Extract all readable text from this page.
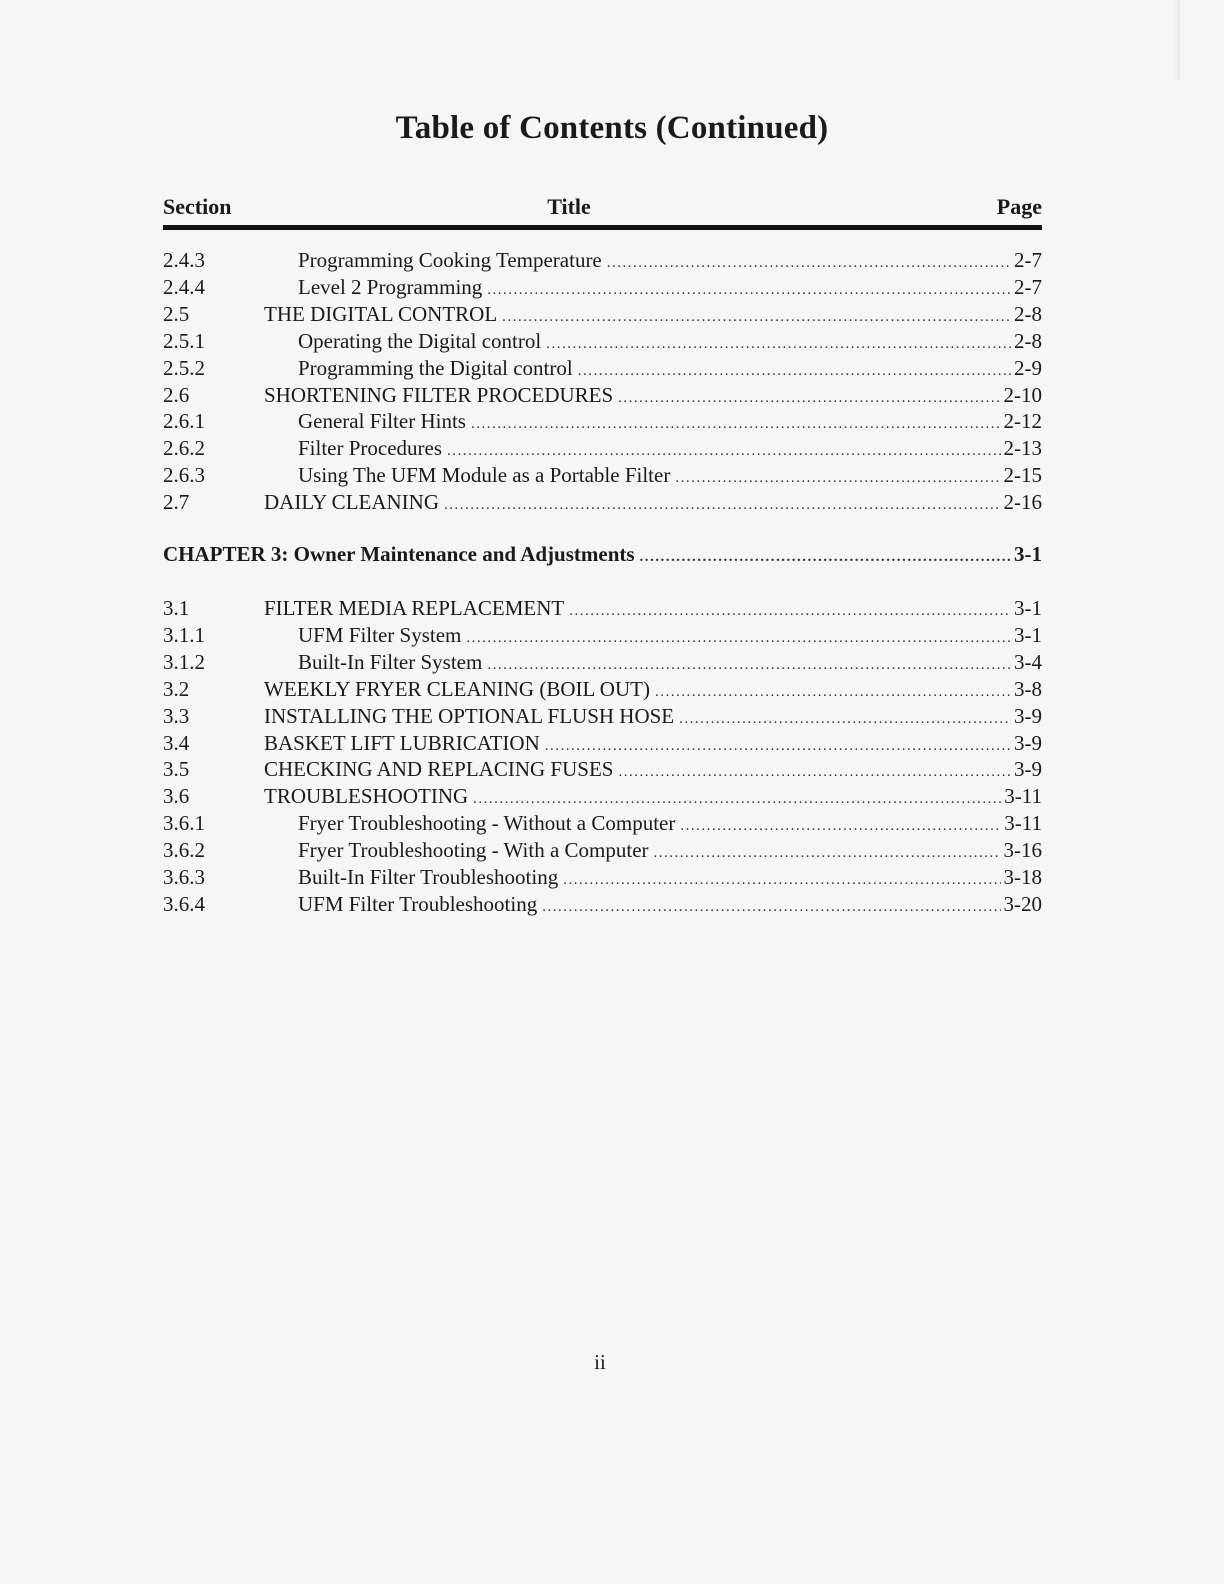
Table of Contents (Continued)
Section	Title	Page
2.4.3	Programming Cooking Temperature .....	2-7
2.4.4	Level 2 Programming .....	2-7
2.5	THE DIGITAL CONTROL .....	2-8
2.5.1	Operating the Digital control .....	2-8
2.5.2	Programming the Digital control .....	2-9
2.6	SHORTENING FILTER PROCEDURES .....	2-10
2.6.1	General Filter Hints .....	2-12
2.6.2	Filter Procedures .....	2-13
2.6.3	Using The UFM Module as a Portable Filter .....	2-15
2.7	DAILY CLEANING .....	2-16
CHAPTER 3: Owner Maintenance and Adjustments .....	3-1
3.1	FILTER MEDIA REPLACEMENT .....	3-1
3.1.1	UFM Filter System .....	3-1
3.1.2	Built-In Filter System .....	3-4
3.2	WEEKLY FRYER CLEANING (BOIL OUT) .....	3-8
3.3	INSTALLING THE OPTIONAL FLUSH HOSE .....	3-9
3.4	BASKET LIFT LUBRICATION .....	3-9
3.5	CHECKING AND REPLACING FUSES .....	3-9
3.6	TROUBLESHOOTING .....	3-11
3.6.1	Fryer Troubleshooting - Without a Computer .....	3-11
3.6.2	Fryer Troubleshooting - With a Computer .....	3-16
3.6.3	Built-In Filter Troubleshooting .....	3-18
3.6.4	UFM Filter Troubleshooting .....	3-20
ii
